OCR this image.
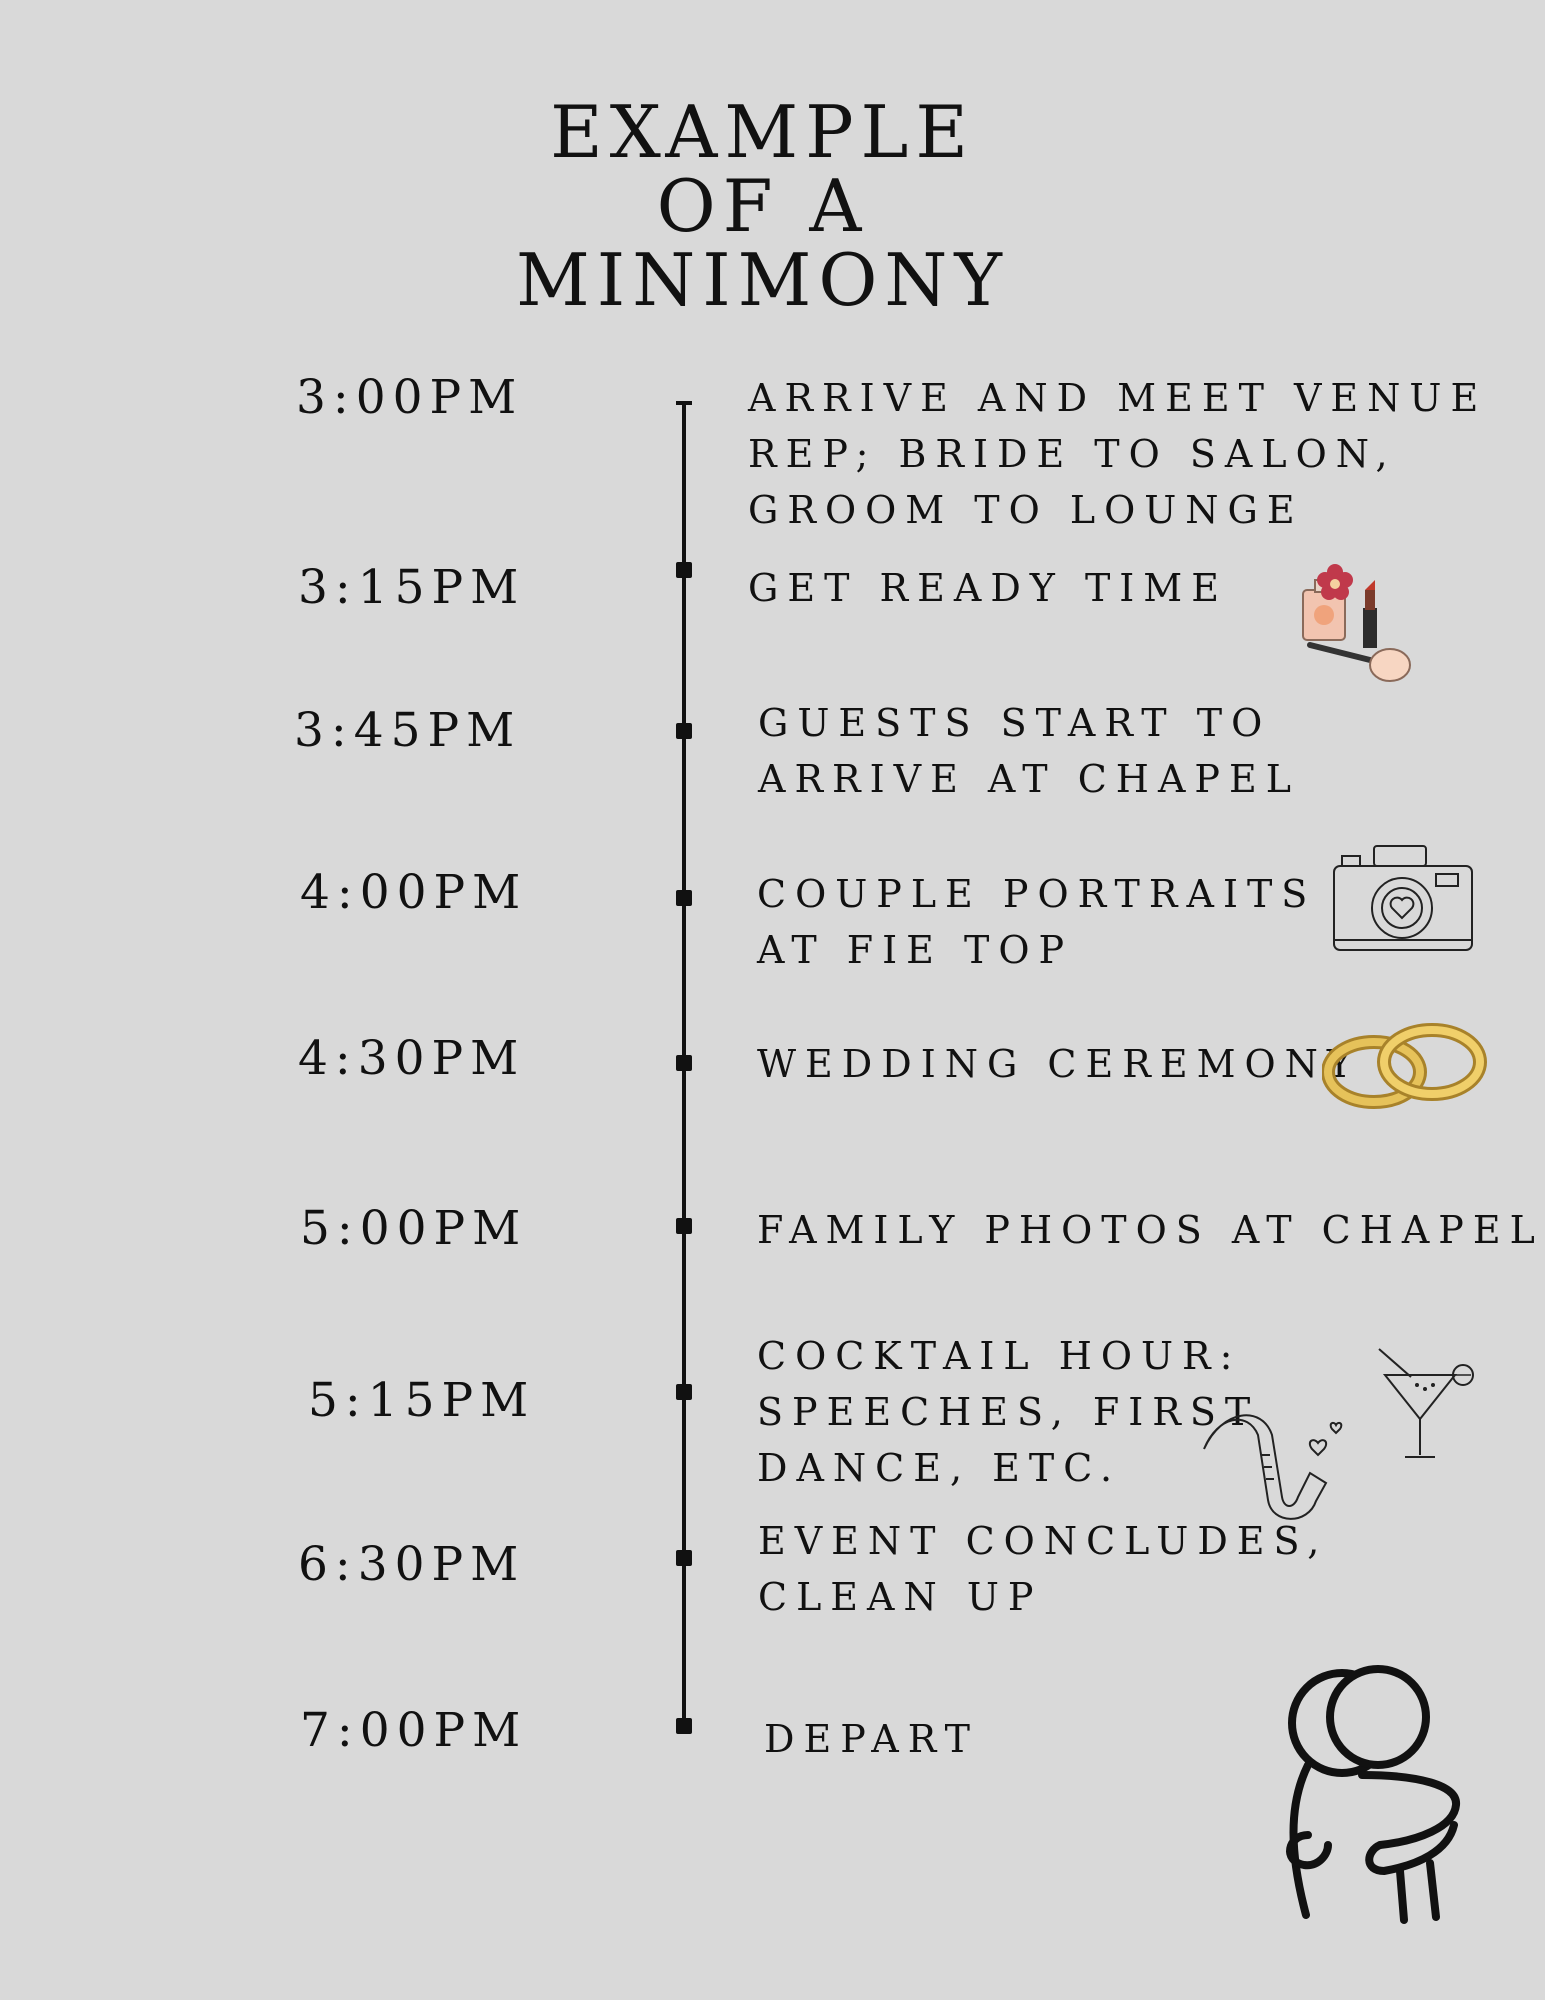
EXAMPLE
OF A
MINIMONY
3:00PM	ARRIVE AND MEET VENUE
REP; BRIDE TO SALON,
GROOM TO LOUNGE
3:15PM	GET READY TIME
3:45PM	GUESTS START TO
ARRIVE AT CHAPEL
4:00PM	COUPLE PORTRAITS
AT FIE TOP
4:30PM	WEDDING CEREMONY
5:00PM	FAMILY PHOTOS AT CHAPEL
5:15PM
COCKTAIL HOUR:
SPEECHES, FIRST
DANCE, ETC.
6:30PM	EVENT CONCLUDES,
CLEAN UP
7:00PM	DEPART
